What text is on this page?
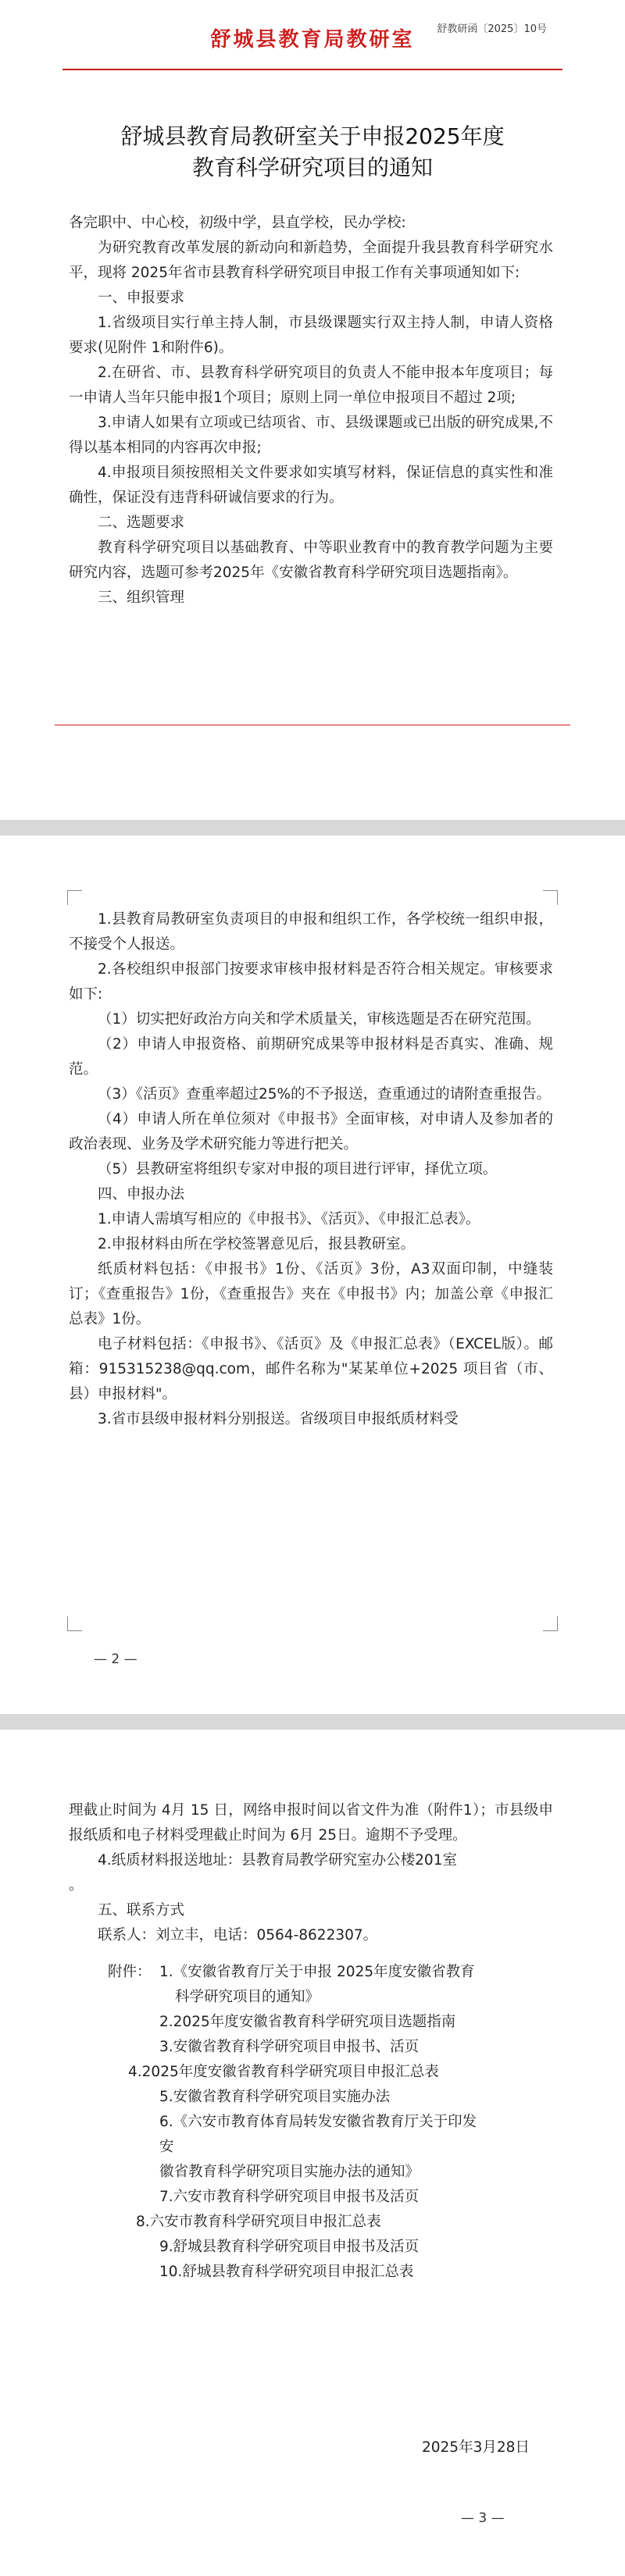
舒城县教育局教研室	舒教研函〔2025〕10号
舒城县教育局教研室关于申报2025年度
教育科学研究项目的通知

各完职中、中心校，初级中学，县直学校，民办学校:

为研究教育改革发展的新动向和新趋势，全面提升我县教育科学研究水平，现将 2025年省市县教育科学研究项目申报工作有关事项通知如下:

一、申报要求

1.省级项目实行单主持人制，市县级课题实行双主持人制，申请人资格要求(见附件 1和附件6)。

2.在研省、市、县教育科学研究项目的负责人不能申报本年度项目；每一申请人当年只能申报1个项目；原则上同一单位申报项目不超过 2项;

3.申请人如果有立项或已结项省、市、县级课题或已出版的研究成果,不得以基本相同的内容再次申报;

4.申报项目须按照相关文件要求如实填写材料，保证信息的真实性和准确性，保证没有违背科研诚信要求的行为。

二、选题要求

教育科学研究项目以基础教育、中等职业教育中的教育教学问题为主要研究内容，选题可参考2025年《安徽省教育科学研究项目选题指南》。

三、组织管理

1.县教育局教研室负责项目的申报和组织工作，各学校统一组织申报，不接受个人报送。

2.各校组织申报部门按要求审核申报材料是否符合相关规定。审核要求如下:

（1）切实把好政治方向关和学术质量关，审核选题是否在研究范围。

（2）申请人申报资格、前期研究成果等申报材料是否真实、准确、规范。

（3）《活页》查重率超过25%的不予报送，查重通过的请附查重报告。

（4）申请人所在单位须对《申报书》全面审核，对申请人及参加者的政治表现、业务及学术研究能力等进行把关。

（5）县教研室将组织专家对申报的项目进行评审，择优立项。

四、申报办法

1.申请人需填写相应的《申报书》、《活页》、《申报汇总表》。

2.申报材料由所在学校签署意见后，报县教研室。

纸质材料包括：《申报书》1份、《活页》3份，A3双面印制，中缝装订；《查重报告》1份，《查重报告》夹在《申报书》内；加盖公章《申报汇总表》1份。

电子材料包括：《申报书》、《活页》及《申报汇总表》（EXCEL版）。邮箱：915315238@qq.com，邮件名称为"某某单位+2025 项目省（市、县）申报材料"。

3.省市县级申报材料分别报送。省级项目申报纸质材料受

— 2 —

理截止时间为 4月 15 日，网络申报时间以省文件为准（附件1）；市县级申报纸质和电子材料受理截止时间为 6月 25日。逾期不予受理。

4.纸质材料报送地址：县教育局教学研究室办公楼201室

。

五、联系方式

联系人：刘立丰，电话：0564-8622307。

附件： 1.《安徽省教育厅关于申报 2025年度安徽省教育

科学研究项目的通知》

2.2025年度安徽省教育科学研究项目选题指南

3.安徽省教育科学研究项目申报书、活页

4.2025年度安徽省教育科学研究项目申报汇总表

5.安徽省教育科学研究项目实施办法

6.《六安市教育体育局转发安徽省教育厅关于印发

安

徽省教育科学研究项目实施办法的通知》

7.六安市教育科学研究项目申报书及活页

8.六安市教育科学研究项目申报汇总表

9.舒城县教育科学研究项目申报书及活页

10.舒城县教育科学研究项目申报汇总表

2025年3月28日
— 3 —
